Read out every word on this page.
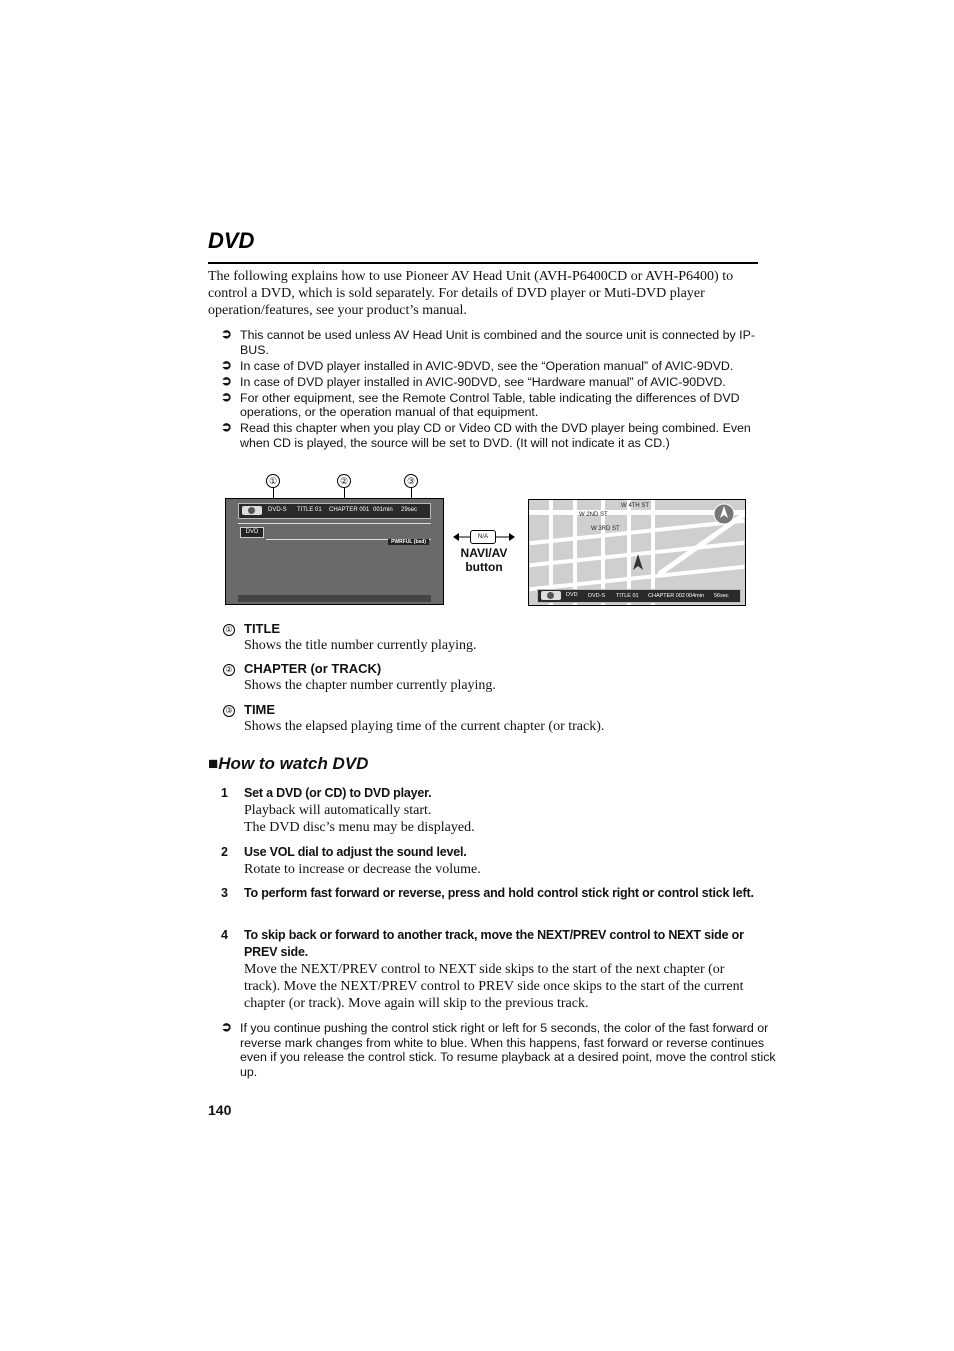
DVD

The following explains how to use Pioneer AV Head Unit (AVH-P6400CD or AVH-P6400) to control a DVD, which is sold separately. For details of DVD player or Muti-DVD player operation/features, see your product’s manual.

➲ This cannot be used unless AV Head Unit is combined and the source unit is connected by IP-BUS.
➲ In case of DVD player installed in AVIC-9DVD, see the “Operation manual” of AVIC-9DVD.
➲ In case of DVD player installed in AVIC-90DVD, see “Hardware manual” of AVIC-90DVD.
➲ For other equipment, see the Remote Control Table, table indicating the differences of DVD operations, or the operation manual of that equipment.
➲ Read this chapter when you play CD or Video CD with the DVD player being combined. Even when CD is played, the source will be set to DVD. (It will not indicate it as CD.)
①	②	③
DVD-S TITLE 01 CHAPTER 001 001min 29sec
DVD
PWRFUL (bsd)
N/A
NAVI/AV
button
W 4TH ST
W 2ND ST
W 3RD ST
DVD DVD-S TITLE 01 CHAPTER 002 004min 56sec
① TITLE
Shows the title number currently playing.
② CHAPTER (or TRACK)
Shows the chapter number currently playing.
③ TIME
Shows the elapsed playing time of the current chapter (or track).
■How to watch DVD
1 Set a DVD (or CD) to DVD player.
Playback will automatically start.
The DVD disc’s menu may be displayed.
2 Use VOL dial to adjust the sound level.
Rotate to increase or decrease the volume.
3 To perform fast forward or reverse, press and hold control stick right or control stick left.
4 To skip back or forward to another track, move the NEXT/PREV control to NEXT side or PREV side.
Move the NEXT/PREV control to NEXT side skips to the start of the next chapter (or track). Move the NEXT/PREV control to PREV side once skips to the start of the current chapter (or track). Move again will skip to the previous track.
➲ If you continue pushing the control stick right or left for 5 seconds, the color of the fast forward or reverse mark changes from white to blue. When this happens, fast forward or reverse continues even if you release the control stick. To resume playback at a desired point, move the control stick up.
140
